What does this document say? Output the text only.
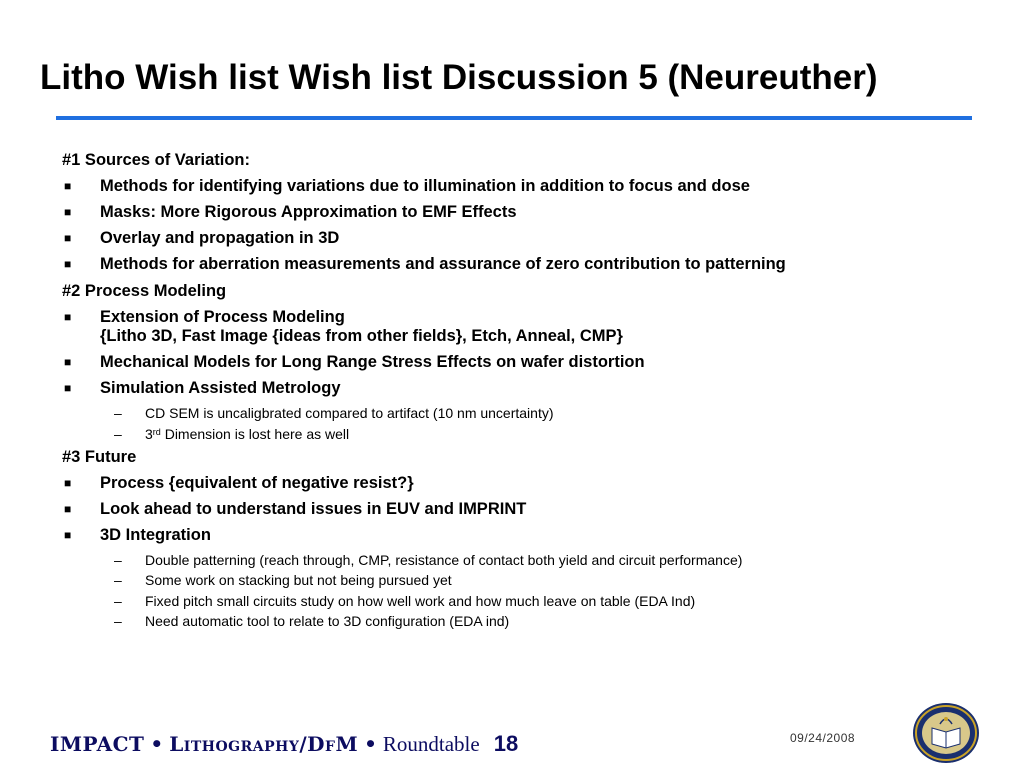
Litho Wish list Wish list Discussion 5 (Neureuther)
#1 Sources of Variation:
■ Methods for identifying variations due to illumination in addition to focus and dose
■ Masks: More Rigorous Approximation to EMF Effects
■ Overlay and propagation in 3D
■ Methods for aberration measurements and assurance of zero contribution to patterning
#2 Process Modeling
■ Extension of Process Modeling
{Litho 3D, Fast Image {ideas from other fields}, Etch, Anneal, CMP}
■ Mechanical Models for Long Range Stress Effects on wafer distortion
■ Simulation Assisted Metrology
– CD SEM is uncaligbrated compared to artifact (10 nm uncertainty)
– 3rd Dimension is lost here as well
#3 Future
■ Process {equivalent of negative resist?}
■ Look ahead to understand issues in EUV and IMPRINT
■ 3D Integration
– Double patterning (reach through, CMP, resistance of contact both yield and circuit performance)
– Some work on stacking but not being pursued yet
– Fixed pitch small circuits study on how well work and how much leave on table (EDA Ind)
– Need automatic tool to relate to 3D configuration (EDA ind)
IMPACT • Lithography/DfM • Roundtable 18	09/24/2008
